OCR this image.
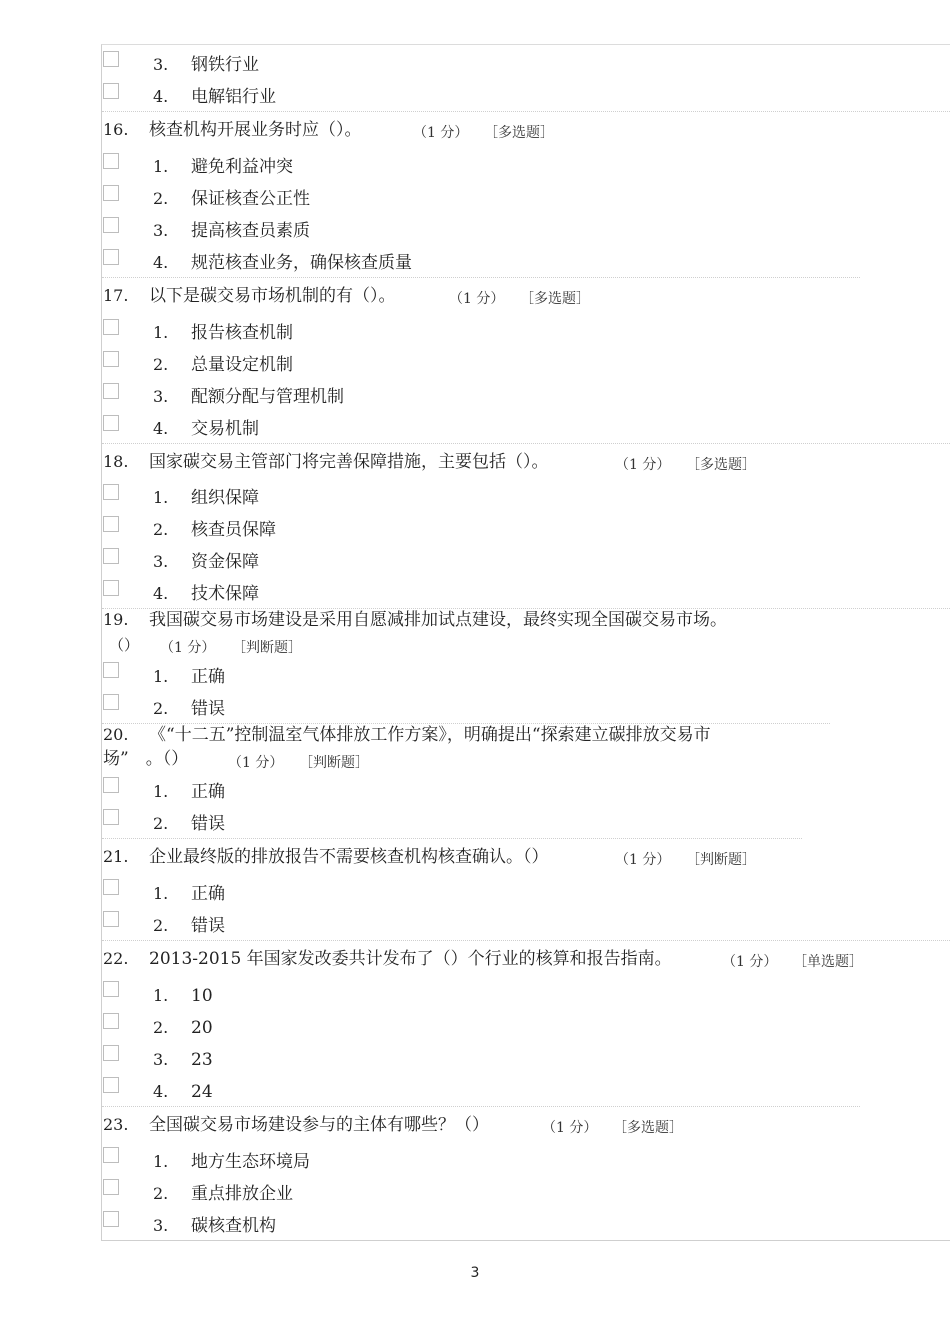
3. 钢铁行业
4. 电解铝行业
16. 核查机构开展业务时应（）。	（1 分） ［多选题］
1. 避免利益冲突
2. 保证核查公正性
3. 提高核查员素质
4. 规范核查业务，确保核查质量
17. 以下是碳交易市场机制的有（）。	（1 分） ［多选题］
1. 报告核查机制
2. 总量设定机制
3. 配额分配与管理机制
4. 交易机制
18. 国家碳交易主管部门将完善保障措施，主要包括（）。	（1 分） ［多选题］
1. 组织保障
2. 核查员保障
3. 资金保障
4. 技术保障
19. 我国碳交易市场建设是采用自愿减排加试点建设，最终实现全国碳交易市场。
（） （1 分） ［判断题］
1. 正确
2. 错误
20. 《“十二五”控制温室气体排放工作方案》，明确提出“探索建立碳排放交易市
场”　。（）	（1 分） ［判断题］
1. 正确
2. 错误
21. 企业最终版的排放报告不需要核查机构核查确认。（）	（1 分） ［判断题］
1. 正确
2. 错误
22. 2013-2015 年国家发改委共计发布了（）个行业的核算和报告指南。	（1 分） ［单选题］
1. 10
2. 20
3. 23
4. 24
23. 全国碳交易市场建设参与的主体有哪些？（）	（1 分） ［多选题］
1. 地方生态环境局
2. 重点排放企业
3. 碳核查机构
3
